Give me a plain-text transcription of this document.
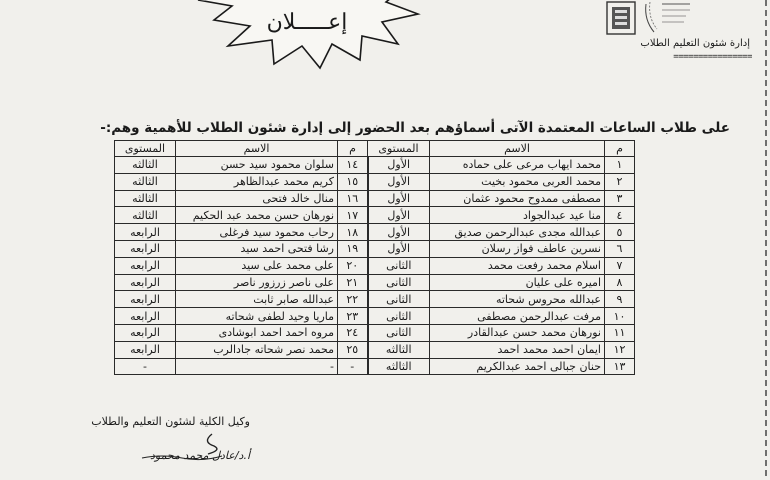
إعـــــلان
إدارة شئون التعليم الطلاب
================
على طلاب الساعات المعتمدة الآتى أسماؤهم بعد الحضور إلى إدارة شئون الطلاب للأهمية وهم:-
م	الاسم	المستوى	م	الاسم	المستوى
١	محمد ايهاب مرعى على حماده	الأول	١٤	سلوان محمود سيد حسن	الثالثه
٢	محمد العربى محمود بخيت	الأول	١٥	كريم محمد عبدالظاهر	الثالثه
٣	مصطفى ممدوح محمود عثمان	الأول	١٦	منال خالد فتحى	الثالثه
٤	منا عيد عبدالجواد	الأول	١٧	نورهان حسن محمد عبد الحكيم	الثالثه
٥	عبدالله مجدى عبدالرحمن صديق	الأول	١٨	رحاب محمود سيد فرغلى	الرابعه
٦	نسرين عاطف فواز رسلان	الأول	١٩	رشا فتحى احمد سيد	الرابعه
٧	اسلام محمد رفعت محمد	الثانى	٢٠	على محمد على سيد	الرابعه
٨	اميره على عليان	الثانى	٢١	على ناصر زرزور ناصر	الرابعه
٩	عبدالله محروس شحاته	الثانى	٢٢	عبدالله صابر ثابت	الرابعه
١٠	مرفت عبدالرحمن مصطفى	الثانى	٢٣	ماريا وحيد لطفى شحاته	الرابعه
١١	نورهان محمد حسن عبدالقادر	الثانى	٢٤	مروه احمد احمد ابوشادى	الرابعه
١٢	ايمان احمد محمد احمد	الثالثه	٢٥	محمد نصر شحاته جادالرب	الرابعه
١٣	حنان جبالى احمد عبدالكريم	الثالثه	-	-	-
وكيل الكلية لشئون التعليم والطلاب
أ.د/عادل محمد محمود
